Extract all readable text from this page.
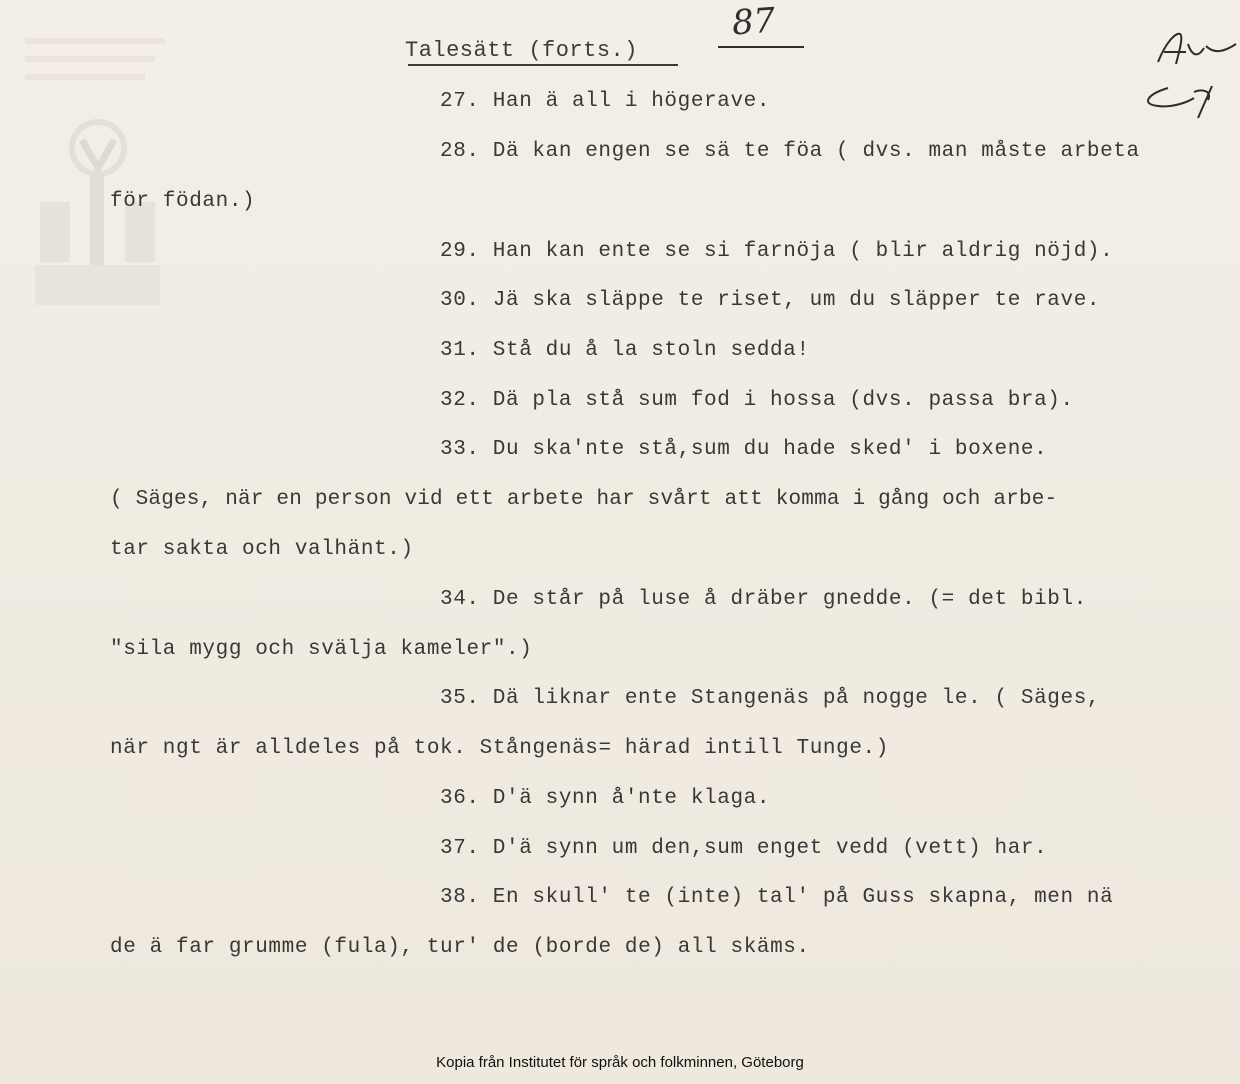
87
Talesätt (forts.)
27. Han ä all i högerave.
28. Dä kan engen se sä te föa ( dvs. man måste arbeta
för födan.)
29. Han kan ente se si farnöja ( blir aldrig nöjd).
30. Jä ska släppe te riset, um du släpper te rave.
31. Stå du å la stoln sedda!
32. Dä pla stå sum fod i hossa (dvs. passa bra).
33. Du ska'nte stå,sum du hade sked' i boxene.
( Säges, när en person vid ett arbete har svårt att komma i gång och arbe-
tar sakta och valhänt.)
34. De står på luse å dräber gnedde. (= det bibl.
"sila mygg och svälja kameler".)
35. Dä liknar ente Stangenäs på nogge le. ( Säges,
när ngt är alldeles på tok. Stångenäs= härad intill Tunge.)
36. D'ä synn å'nte klaga.
37. D'ä synn um den,sum enget vedd (vett) har.
38. En skull' te (inte) tal' på Guss skapna, men nä
de ä far grumme (fula), tur' de (borde de) all skäms.
Kopia från Institutet för språk och folkminnen, Göteborg
